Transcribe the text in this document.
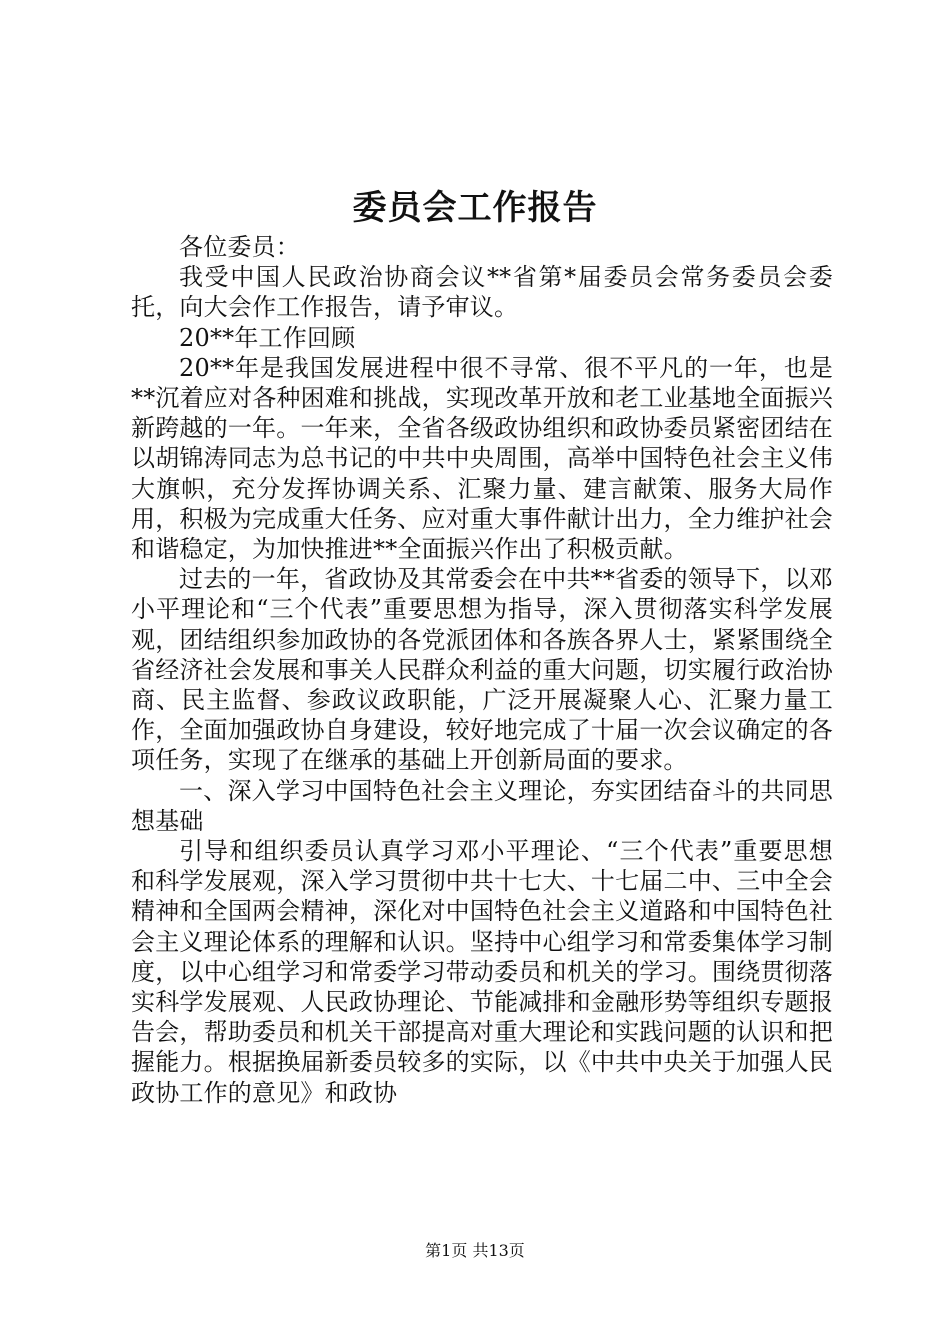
委员会工作报告

各位委员：

我受中国人民政治协商会议**省第*届委员会常务委员会委托，向大会作工作报告，请予审议。

20**年工作回顾

20**年是我国发展进程中很不寻常、很不平凡的一年，也是**沉着应对各种困难和挑战，实现改革开放和老工业基地全面振兴新跨越的一年。一年来，全省各级政协组织和政协委员紧密团结在以胡锦涛同志为总书记的中共中央周围，高举中国特色社会主义伟大旗帜，充分发挥协调关系、汇聚力量、建言献策、服务大局作用，积极为完成重大任务、应对重大事件献计出力，全力维护社会和谐稳定，为加快推进**全面振兴作出了积极贡献。

过去的一年，省政协及其常委会在中共**省委的领导下，以邓小平理论和“三个代表”重要思想为指导，深入贯彻落实科学发展观，团结组织参加政协的各党派团体和各族各界人士，紧紧围绕全省经济社会发展和事关人民群众利益的重大问题，切实履行政治协商、民主监督、参政议政职能，广泛开展凝聚人心、汇聚力量工作，全面加强政协自身建设，较好地完成了十届一次会议确定的各项任务，实现了在继承的基础上开创新局面的要求。

一、深入学习中国特色社会主义理论，夯实团结奋斗的共同思想基础

引导和组织委员认真学习邓小平理论、“三个代表”重要思想和科学发展观，深入学习贯彻中共十七大、十七届二中、三中全会精神和全国两会精神，深化对中国特色社会主义道路和中国特色社会主义理论体系的理解和认识。坚持中心组学习和常委集体学习制度，以中心组学习和常委学习带动委员和机关的学习。围绕贯彻落实科学发展观、人民政协理论、节能减排和金融形势等组织专题报告会，帮助委员和机关干部提高对重大理论和实践问题的认识和把握能力。根据换届新委员较多的实际，以《中共中央关于加强人民政协工作的意见》和政协

第1页 共13页
